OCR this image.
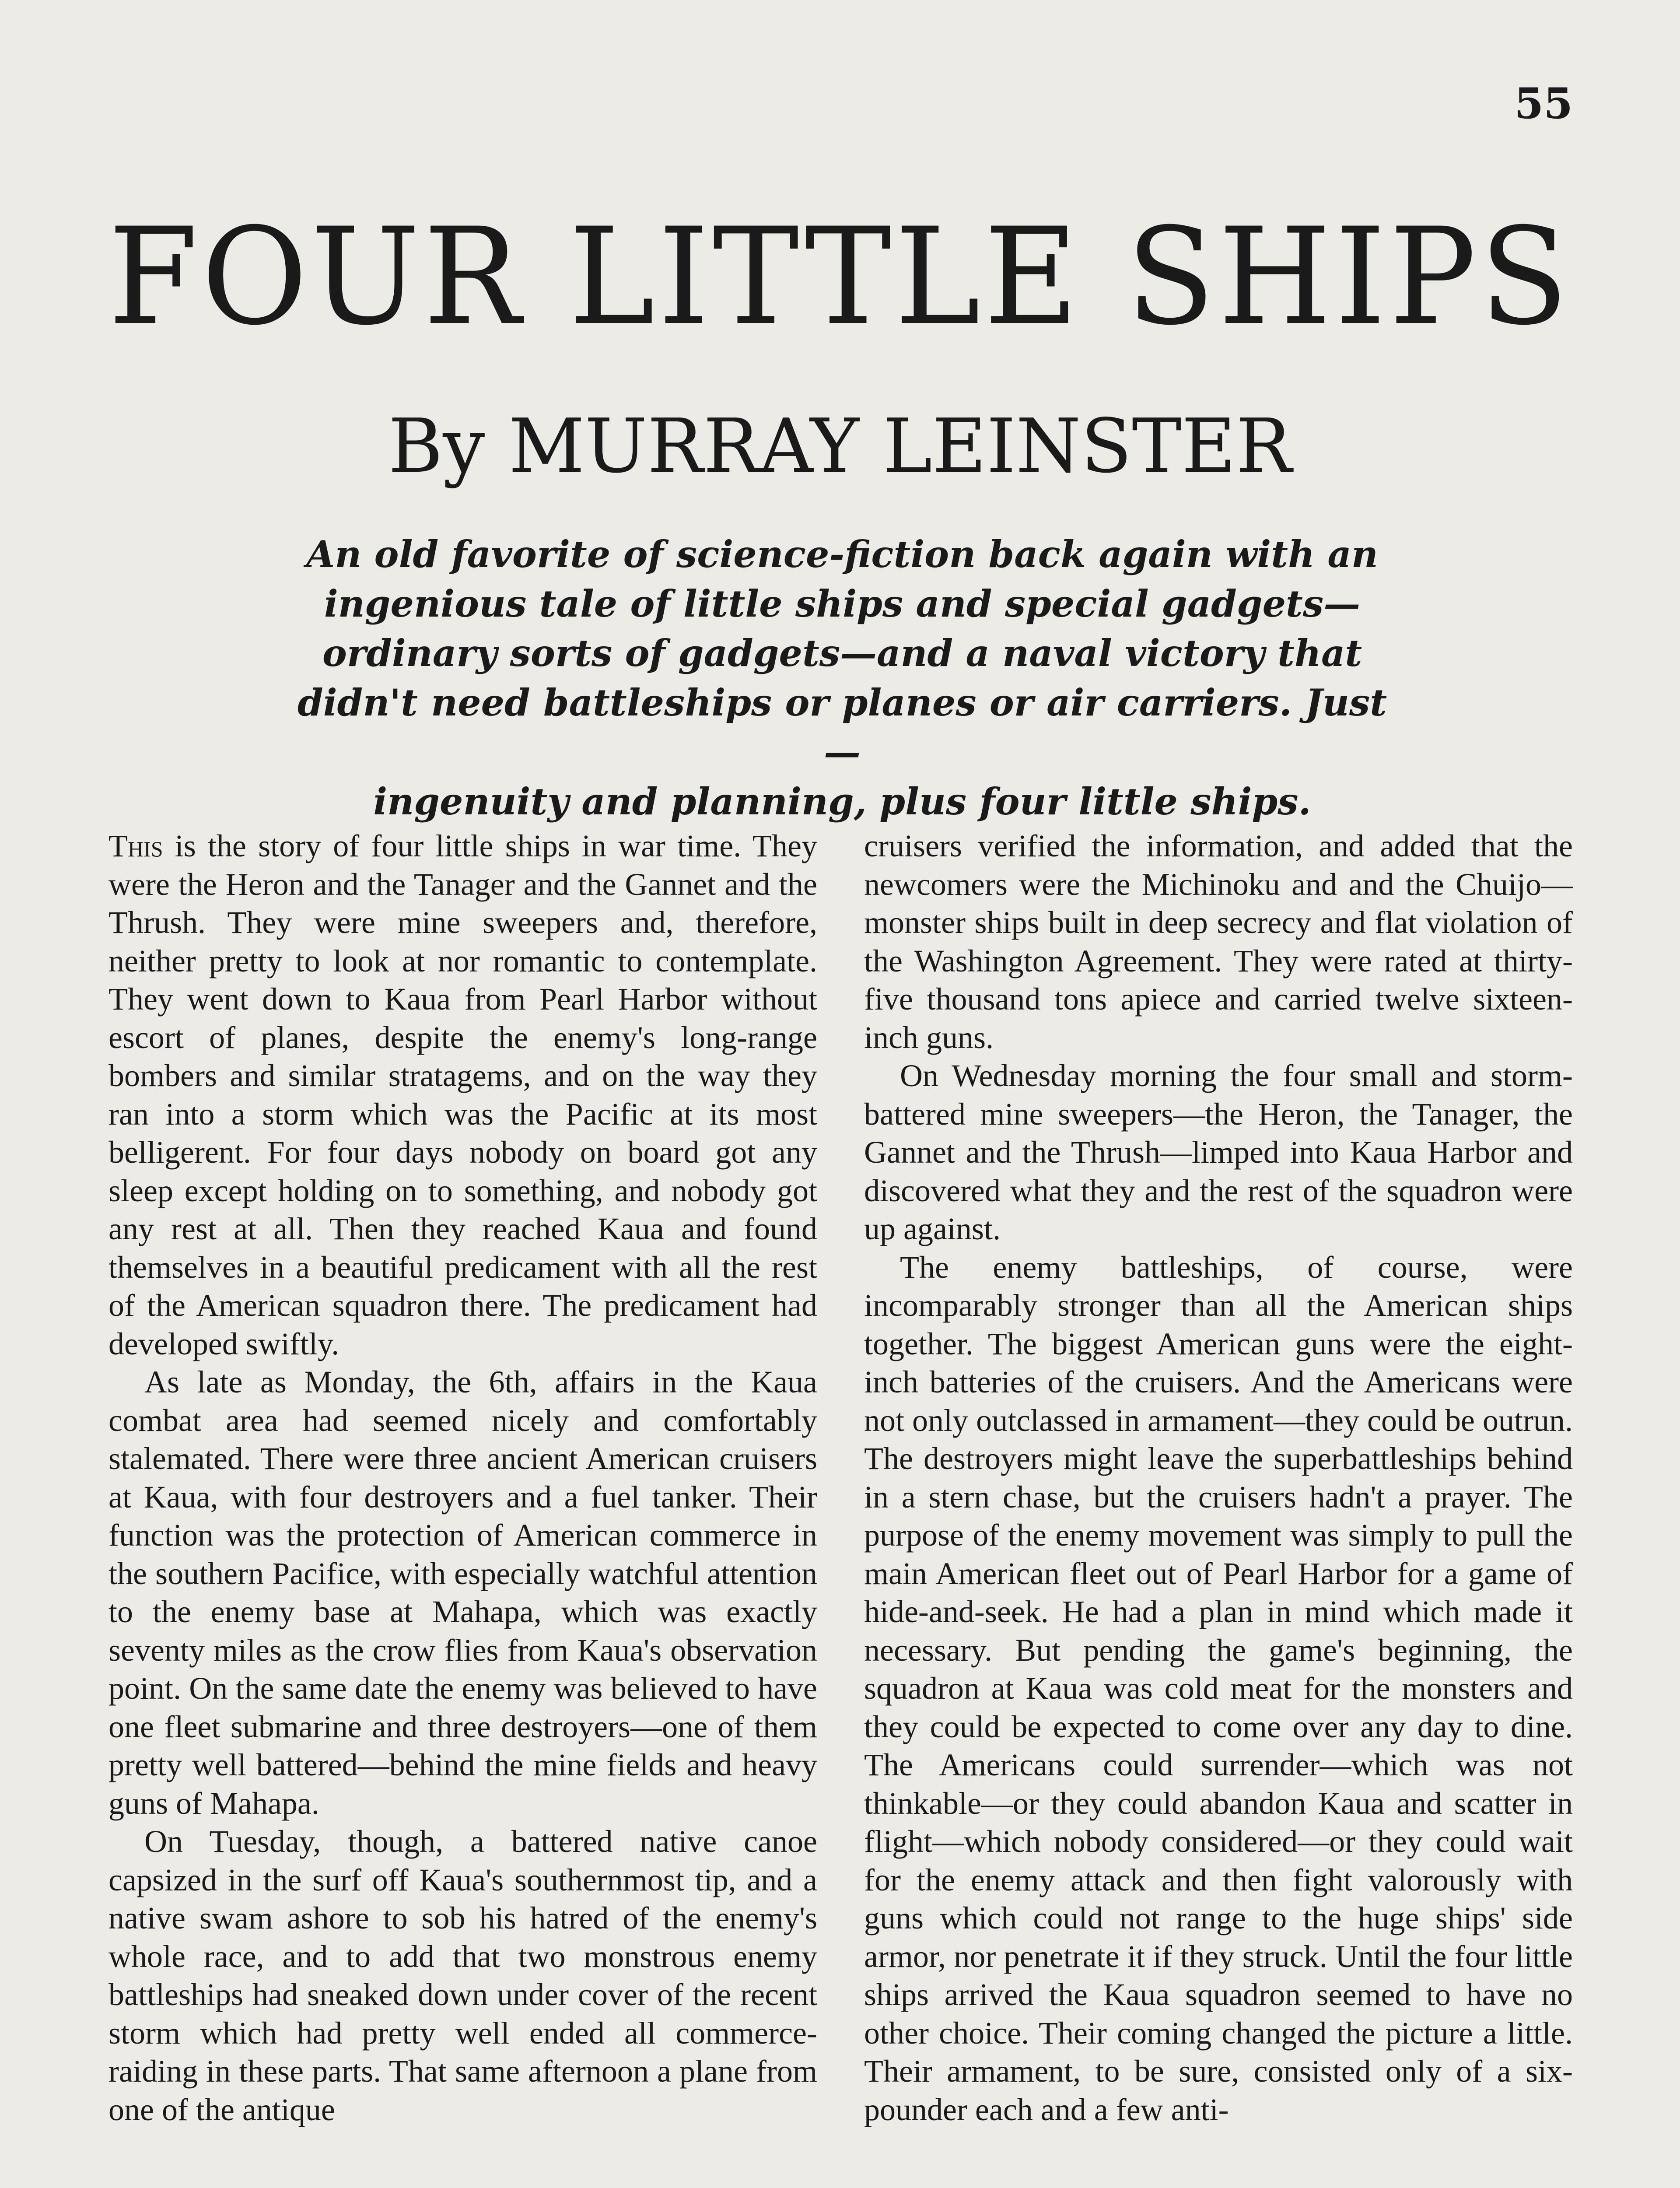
55
FOUR LITTLE SHIPS
By MURRAY LEINSTER
An old favorite of science-fiction back again with an
ingenious tale of little ships and special gadgets—
ordinary sorts of gadgets—and a naval victory that
didn't need battleships or planes or air carriers. Just—
ingenuity and planning, plus four little ships.

This is the story of four little ships in war time. They were the Heron and the Tanager and the Gannet and the Thrush. They were mine sweepers and, therefore, neither pretty to look at nor romantic to contemplate. They went down to Kaua from Pearl Harbor without escort of planes, despite the enemy's long-range bombers and similar stratagems, and on the way they ran into a storm which was the Pacific at its most belligerent. For four days nobody on board got any sleep except holding on to something, and nobody got any rest at all. Then they reached Kaua and found themselves in a beautiful predicament with all the rest of the American squadron there. The predicament had developed swiftly.

As late as Monday, the 6th, affairs in the Kaua combat area had seemed nicely and comfortably stalemated. There were three ancient American cruisers at Kaua, with four destroyers and a fuel tanker. Their function was the protection of American commerce in the southern Pacifice, with especially watchful attention to the enemy base at Mahapa, which was exactly seventy miles as the crow flies from Kaua's observation point. On the same date the enemy was believed to have one fleet submarine and three destroyers—one of them pretty well battered—behind the mine fields and heavy guns of Mahapa.

On Tuesday, though, a battered native canoe capsized in the surf off Kaua's southernmost tip, and a native swam ashore to sob his hatred of the enemy's whole race, and to add that two monstrous enemy battleships had sneaked down under cover of the recent storm which had pretty well ended all commerce-raiding in these parts. That same afternoon a plane from one of the antique

cruisers verified the information, and added that the newcomers were the Michinoku and and the Chuijo—monster ships built in deep secrecy and flat violation of the Washington Agreement. They were rated at thirty-five thousand tons apiece and carried twelve sixteen-inch guns.

On Wednesday morning the four small and storm-battered mine sweepers—the Heron, the Tanager, the Gannet and the Thrush—limped into Kaua Harbor and discovered what they and the rest of the squadron were up against.

The enemy battleships, of course, were incomparably stronger than all the American ships together. The biggest American guns were the eight-inch batteries of the cruisers. And the Americans were not only outclassed in armament—they could be outrun. The destroyers might leave the superbattleships behind in a stern chase, but the cruisers hadn't a prayer. The purpose of the enemy movement was simply to pull the main American fleet out of Pearl Harbor for a game of hide-and-seek. He had a plan in mind which made it necessary. But pending the game's beginning, the squadron at Kaua was cold meat for the monsters and they could be expected to come over any day to dine. The Americans could surrender—which was not thinkable—or they could abandon Kaua and scatter in flight—which nobody considered—or they could wait for the enemy attack and then fight valorously with guns which could not range to the huge ships' side armor, nor penetrate it if they struck. Until the four little ships arrived the Kaua squadron seemed to have no other choice. Their coming changed the picture a little. Their armament, to be sure, consisted only of a six-pounder each and a few anti-
